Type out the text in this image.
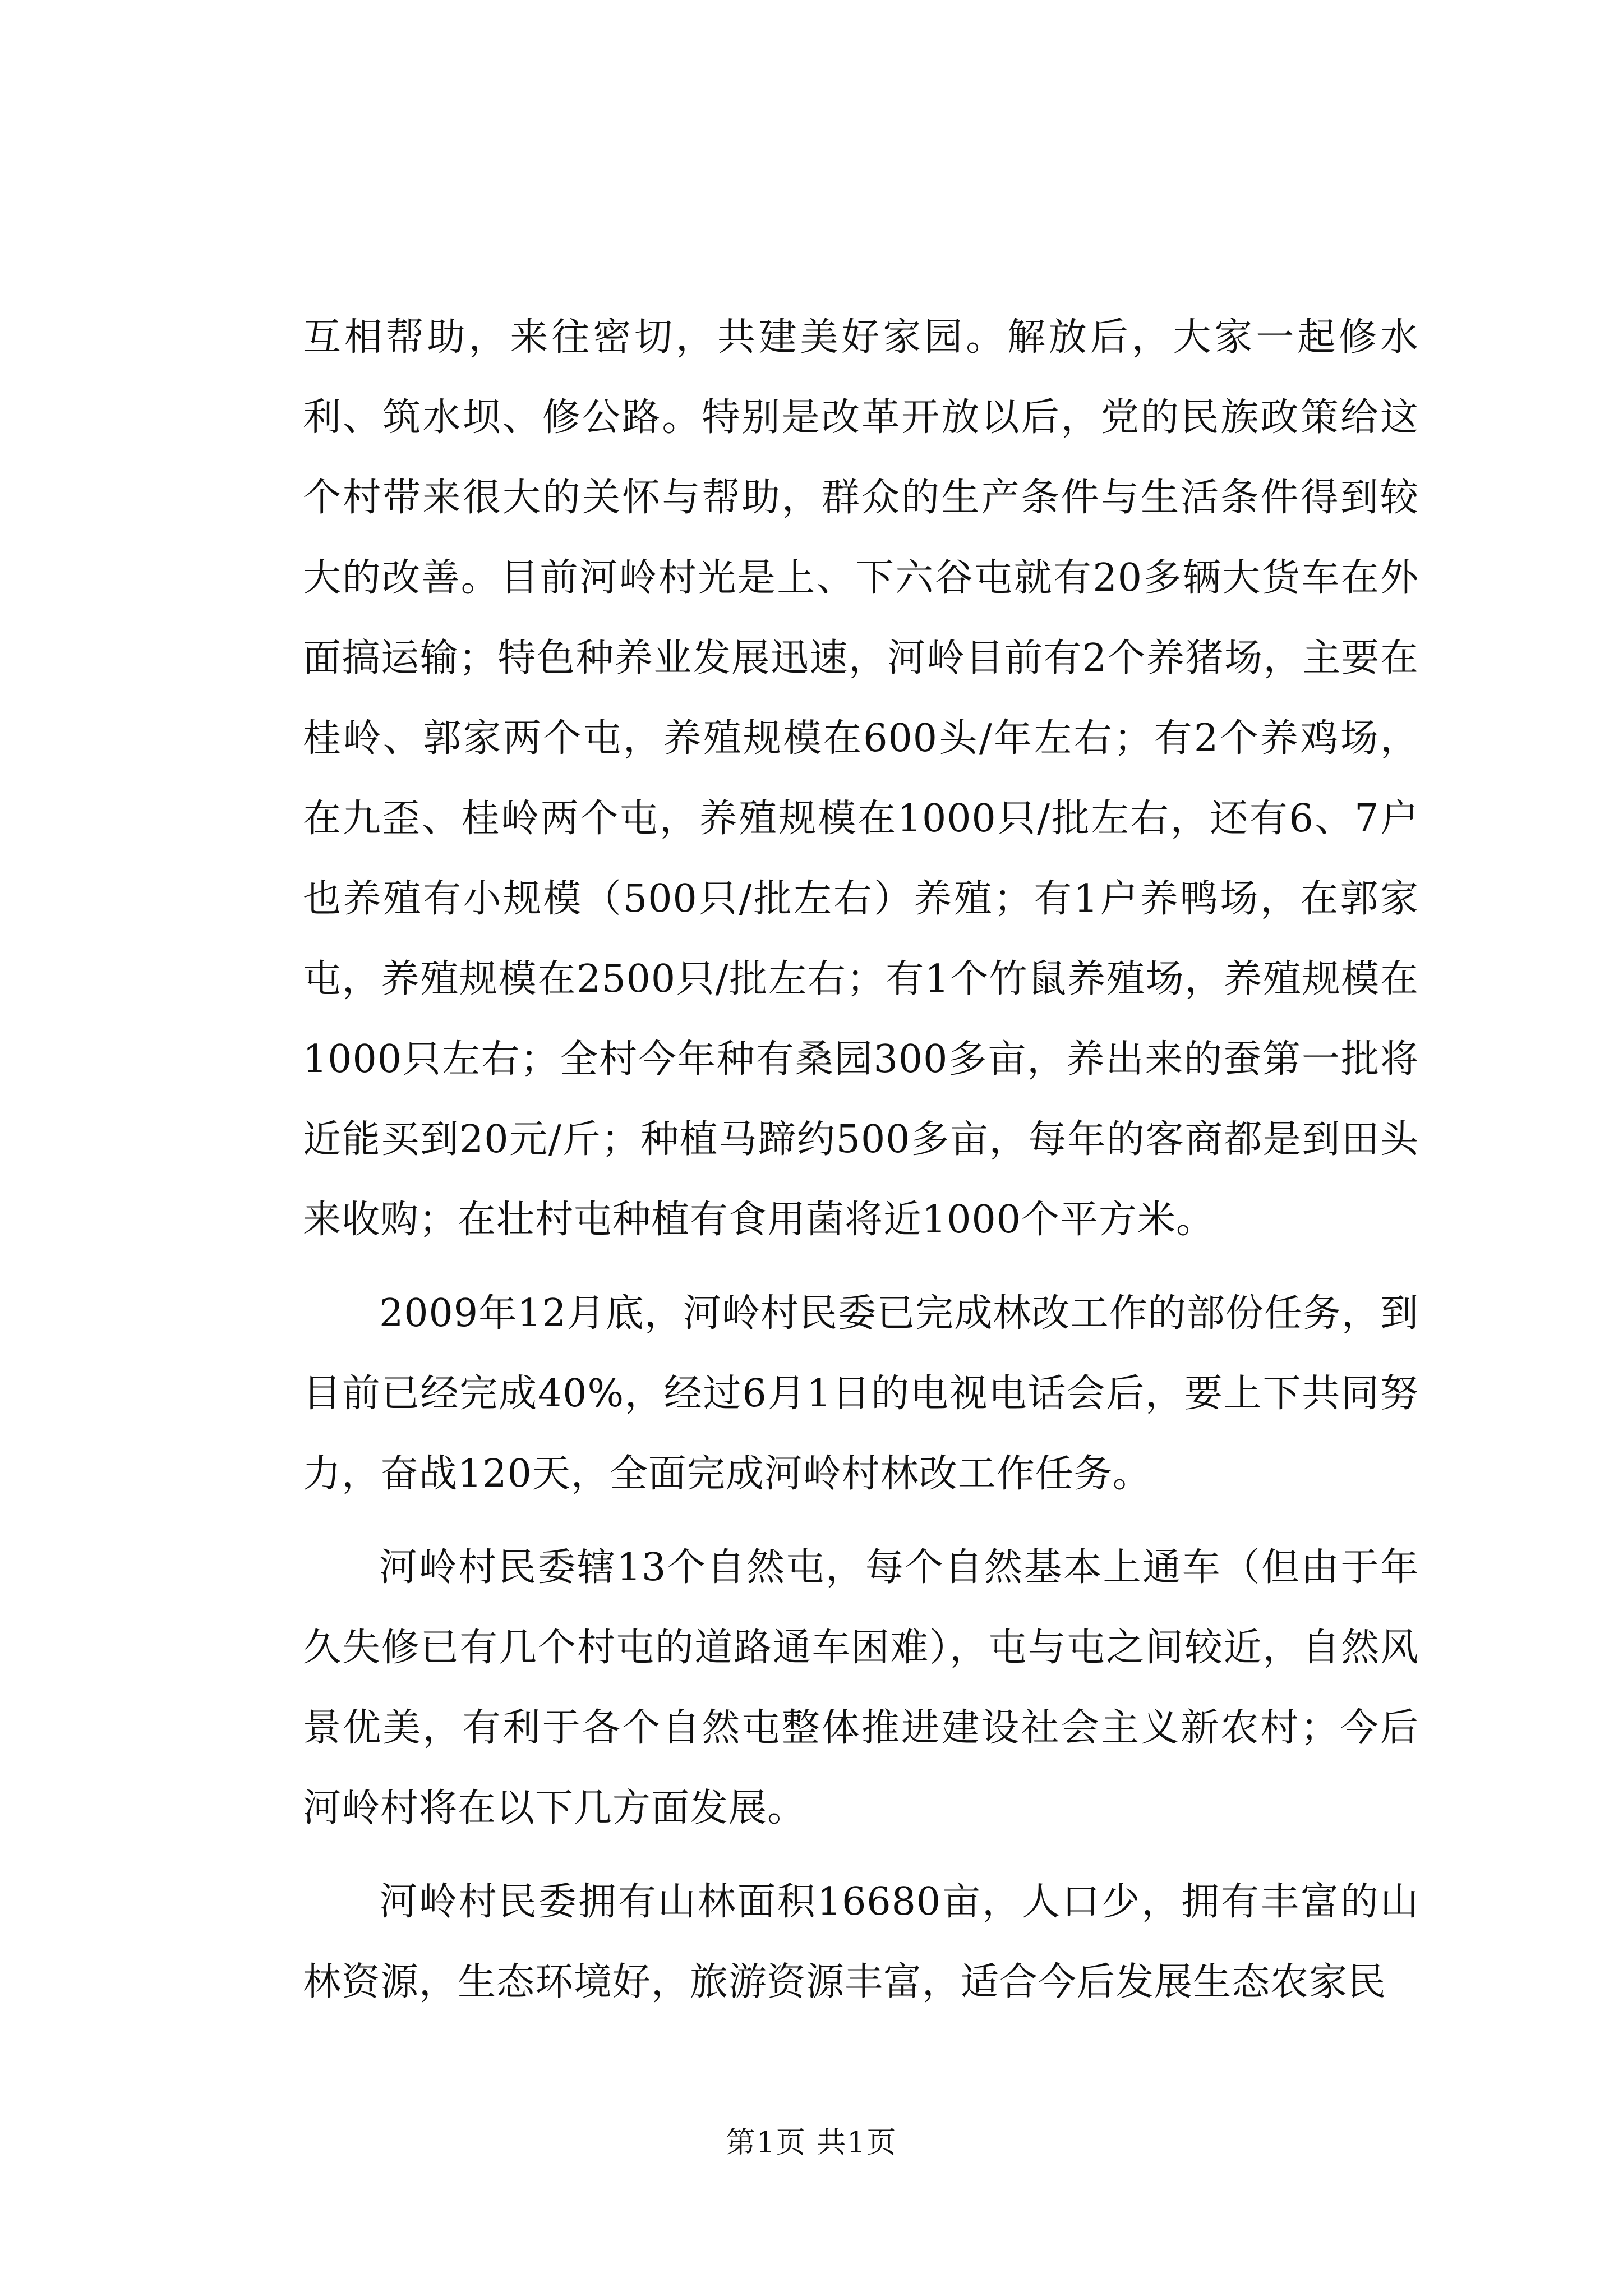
互相帮助，来往密切，共建美好家园。解放后，大家一起修水利、筑水坝、修公路。特别是改革开放以后，党的民族政策给这个村带来很大的关怀与帮助，群众的生产条件与生活条件得到较大的改善。目前河岭村光是上、下六谷屯就有20多辆大货车在外面搞运输；特色种养业发展迅速，河岭目前有2个养猪场，主要在桂岭、郭家两个屯，养殖规模在600头/年左右；有2个养鸡场，在九歪、桂岭两个屯，养殖规模在1000只/批左右，还有6、7户也养殖有小规模（500只/批左右）养殖；有1户养鸭场，在郭家屯，养殖规模在2500只/批左右；有1个竹鼠养殖场，养殖规模在1000只左右；全村今年种有桑园300多亩，养出来的蚕第一批将近能买到20元/斤；种植马蹄约500多亩，每年的客商都是到田头来收购；在壮村屯种植有食用菌将近1000个平方米。

2009年12月底，河岭村民委已完成林改工作的部份任务，到目前已经完成40%，经过6月1日的电视电话会后，要上下共同努力，奋战120天，全面完成河岭村林改工作任务。

河岭村民委辖13个自然屯，每个自然基本上通车（但由于年久失修已有几个村屯的道路通车困难），屯与屯之间较近，自然风景优美，有利于各个自然屯整体推进建设社会主义新农村；今后河岭村将在以下几方面发展。

河岭村民委拥有山林面积16680亩，人口少，拥有丰富的山林资源，生态环境好，旅游资源丰富，适合今后发展生态农家民

第1页 共1页
